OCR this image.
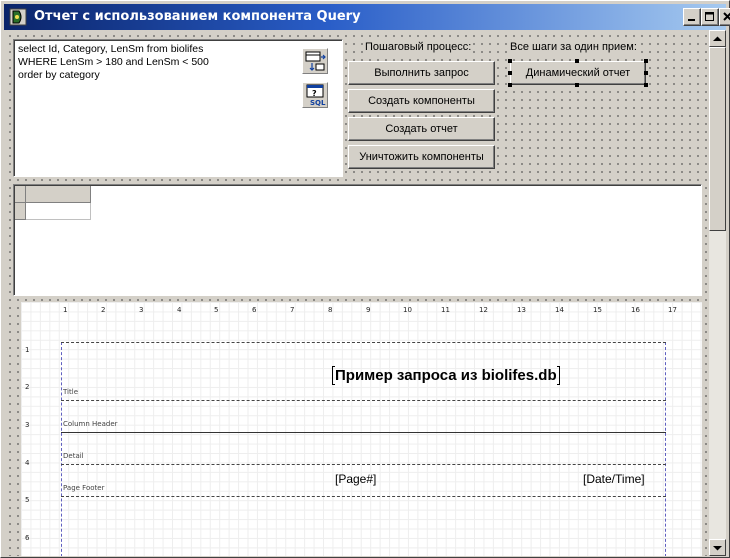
Отчет с использованием компонента Query
select Id, Category, LenSm from biolifes
WHERE LenSm > 180 and LenSm < 500
order by category
?
SQL
Пошаговый процесс:
Выполнить запрос
Создать компоненты
Создать отчет
Уничтожить компоненты
Все шаги за один прием:
Динамический отчет
1	2	3	4	5	6	7	8	9	10	11	12	13	14	15	16	17
1
2
3
4
5
6
Title
Column Header
Detail
Page Footer
Пример запроса из biolifes.db
[Page#]	[Date/Time]
